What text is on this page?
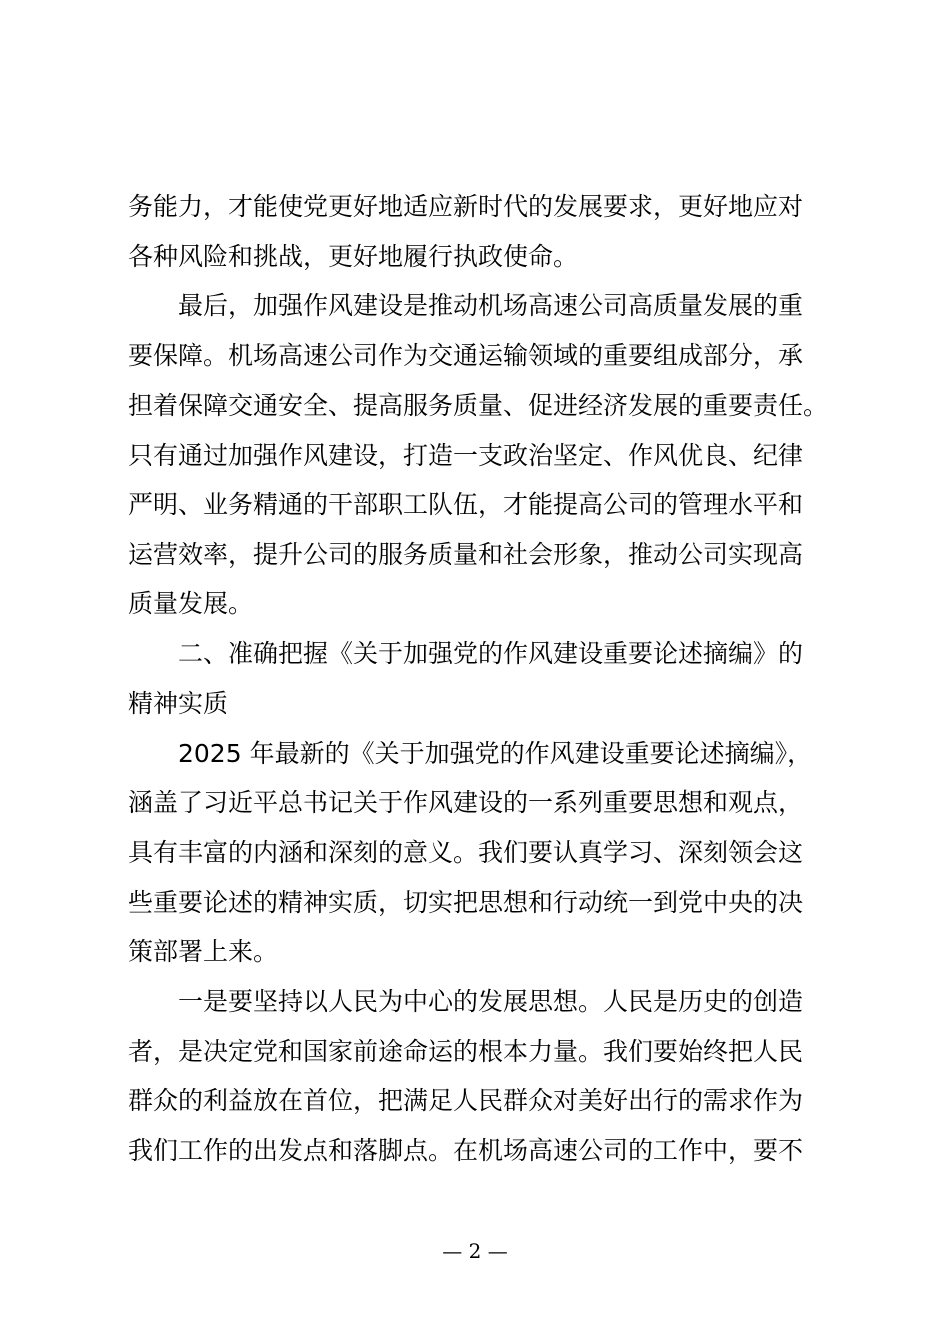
务能力，才能使党更好地适应新时代的发展要求，更好地应对
各种风险和挑战，更好地履行执政使命。
最后，加强作风建设是推动机场高速公司高质量发展的重
要保障。机场高速公司作为交通运输领域的重要组成部分，承
担着保障交通安全、提高服务质量、促进经济发展的重要责任。
只有通过加强作风建设，打造一支政治坚定、作风优良、纪律
严明、业务精通的干部职工队伍，才能提高公司的管理水平和
运营效率，提升公司的服务质量和社会形象，推动公司实现高
质量发展。
二、准确把握《关于加强党的作风建设重要论述摘编》的
精神实质
2025 年最新的《关于加强党的作风建设重要论述摘编》，
涵盖了习近平总书记关于作风建设的一系列重要思想和观点，
具有丰富的内涵和深刻的意义。我们要认真学习、深刻领会这
些重要论述的精神实质，切实把思想和行动统一到党中央的决
策部署上来。
一是要坚持以人民为中心的发展思想。人民是历史的创造
者，是决定党和国家前途命运的根本力量。我们要始终把人民
群众的利益放在首位，把满足人民群众对美好出行的需求作为
我们工作的出发点和落脚点。在机场高速公司的工作中，要不
— 2 —
